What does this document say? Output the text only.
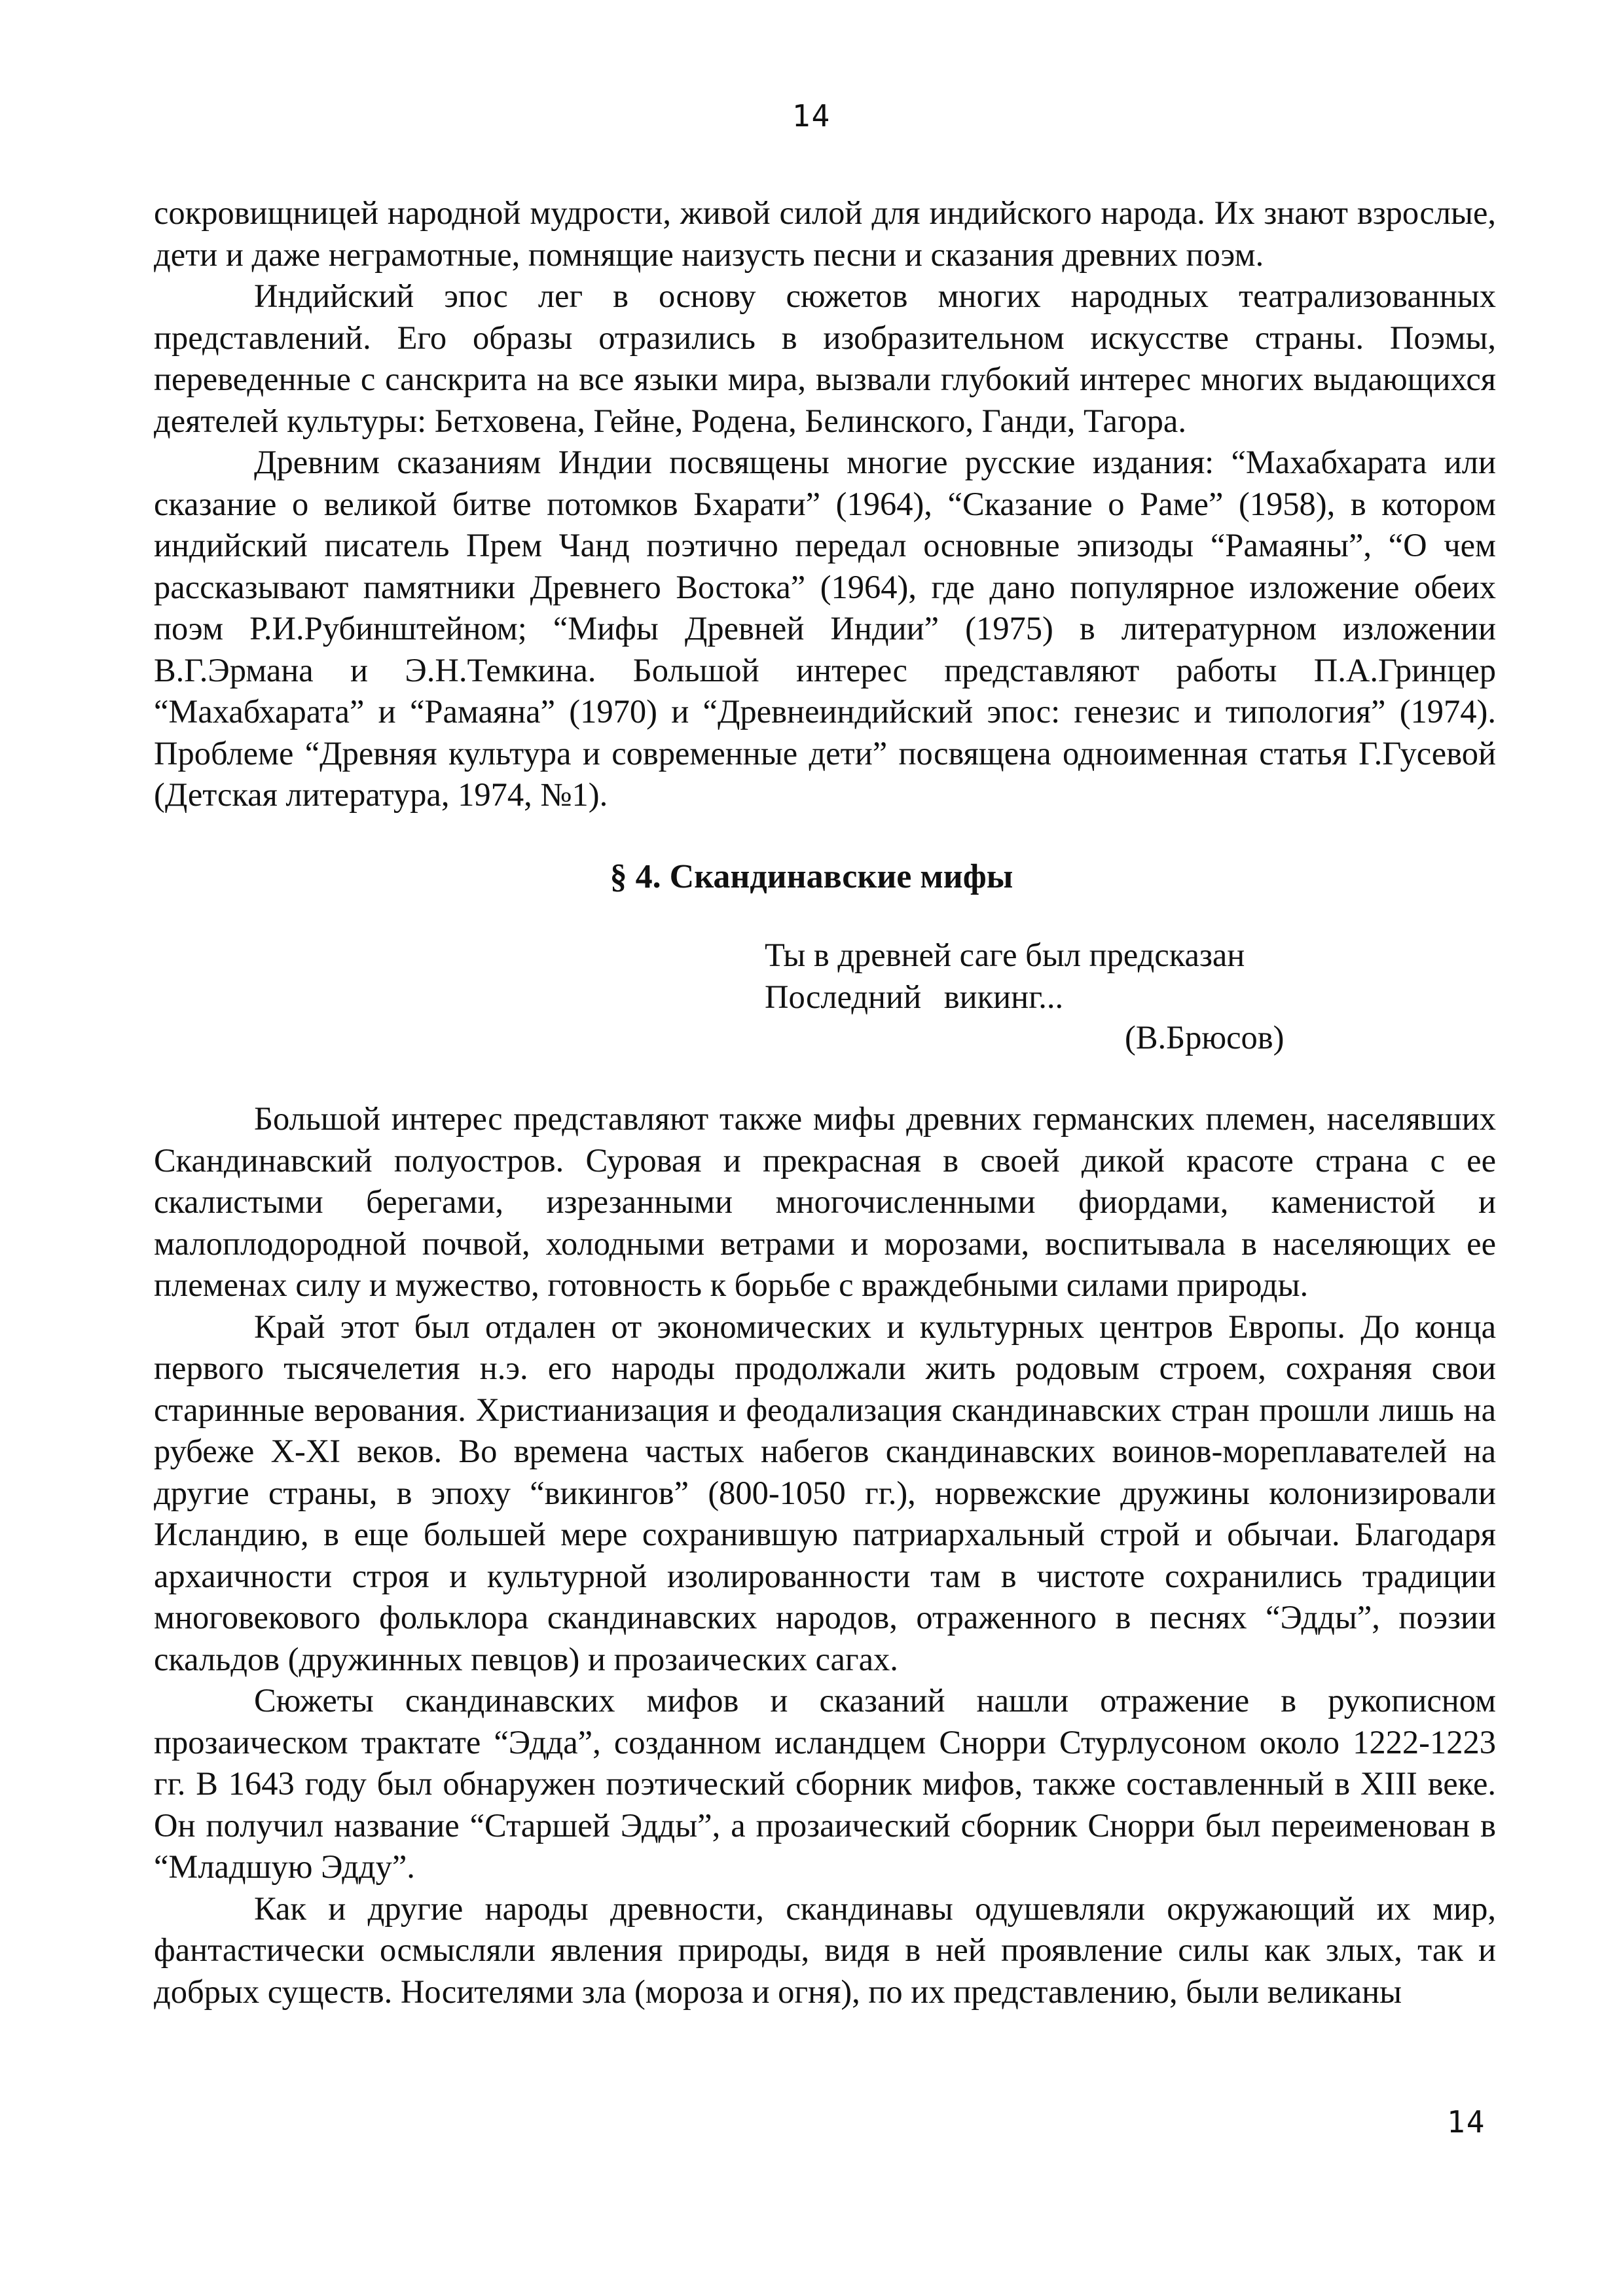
14

сокровищницей народной мудрости, живой силой для индийского народа. Их знают взрослые, дети и даже неграмотные, помнящие наизусть песни и сказания древних поэм.

Индийский эпос лег в основу сюжетов многих народных театрализованных представлений. Его образы отразились в изобразительном искусстве страны. Поэмы, переведенные с санскрита на все языки мира, вызвали глубокий интерес многих выдающихся деятелей культуры: Бетховена, Гейне, Родена, Белинского, Ганди, Тагора.

Древним сказаниям Индии посвящены многие русские издания: “Махабхарата или сказание о великой битве потомков Бхарати” (1964), “Сказание о Раме” (1958), в котором индийский писатель Прем Чанд поэтично передал основные эпизоды “Рамаяны”, “О чем рассказывают памятники Древнего Востока” (1964), где дано популярное изложение обеих поэм Р.И.Рубинштейном; “Мифы Древней Индии” (1975) в литературном изложении В.Г.Эрмана и Э.Н.Темкина. Большой интерес представляют работы П.А.Гринцер “Махабхарата” и “Рамаяна” (1970) и “Древнеиндийский эпос: генезис и типология” (1974). Проблеме “Древняя культура и современные дети” посвящена одноименная статья Г.Гусевой (Детская литература, 1974, №1).

§ 4. Скандинавские мифы
Ты в древней саге был предсказан
Последний викинг...
(В.Брюсов)

Большой интерес представляют также мифы древних германских племен, населявших Скандинавский полуостров. Суровая и прекрасная в своей дикой красоте страна с ее скалистыми берегами, изрезанными многочисленными фиордами, каменистой и малоплодородной почвой, холодными ветрами и морозами, воспитывала в населяющих ее племенах силу и мужество, готовность к борьбе с враждебными силами природы.

Край этот был отдален от экономических и культурных центров Европы. До конца первого тысячелетия н.э. его народы продолжали жить родовым строем, сохраняя свои старинные верования. Христианизация и феодализация скандинавских стран прошли лишь на рубеже X-XI веков. Во времена частых набегов скандинавских воинов-мореплавателей на другие страны, в эпоху “викингов” (800-1050 гг.), норвежские дружины колонизировали Исландию, в еще большей мере сохранившую патриархальный строй и обычаи. Благодаря архаичности строя и культурной изолированности там в чистоте сохранились традиции многовекового фольклора скандинавских народов, отраженного в песнях “Эдды”, поэзии скальдов (дружинных певцов) и прозаических сагах.

Сюжеты скандинавских мифов и сказаний нашли отражение в рукописном прозаическом трактате “Эдда”, созданном исландцем Снорри Стурлусоном около 1222-1223 гг. В 1643 году был обнаружен поэтический сборник мифов, также составленный в XIII веке. Он получил название “Старшей Эдды”, а прозаический сборник Снорри был переименован в “Младшую Эдду”.

Как и другие народы древности, скандинавы одушевляли окружающий их мир, фантастически осмысляли явления природы, видя в ней проявление силы как злых, так и добрых существ. Носителями зла (мороза и огня), по их представлению, были великаны

14
